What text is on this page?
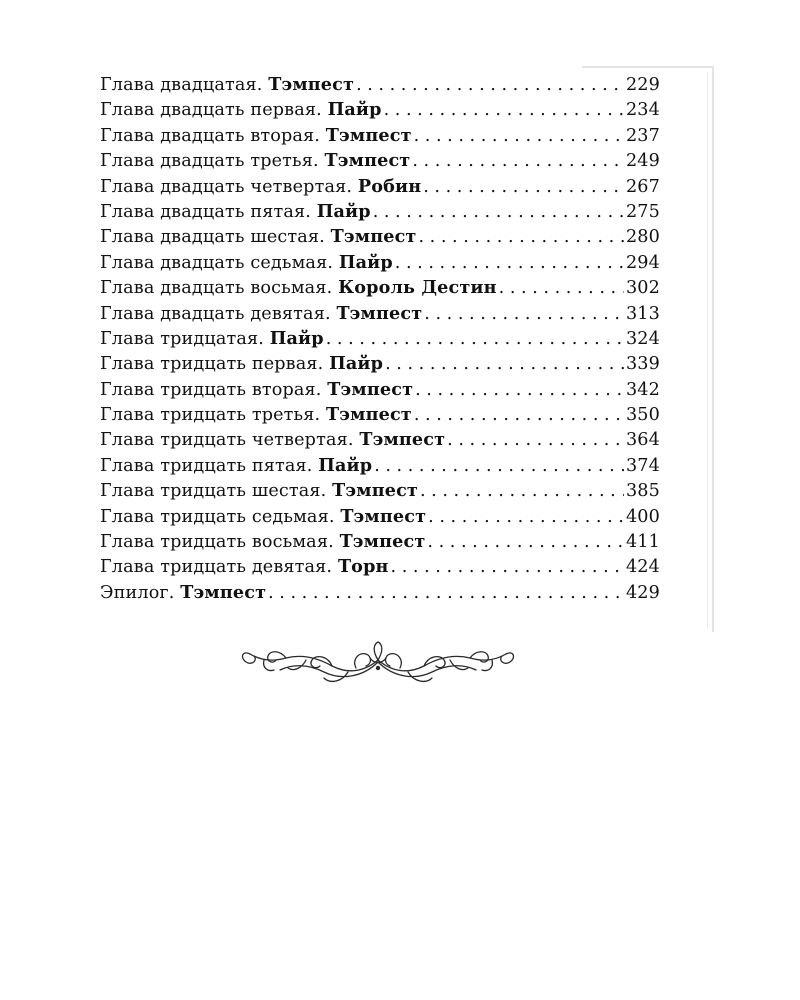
Глава двадцатая. Тэмпест . . .	229
Глава двадцать первая. Пайр . . .	234
Глава двадцать вторая. Тэмпест . . .	237
Глава двадцать третья. Тэмпест . . .	249
Глава двадцать четвертая. Робин . . .	267
Глава двадцать пятая. Пайр . . .	275
Глава двадцать шестая. Тэмпест . . .	280
Глава двадцать седьмая. Пайр . . .	294
Глава двадцать восьмая. Король Дестин . . .	302
Глава двадцать девятая. Тэмпест . . .	313
Глава тридцатая. Пайр . . .	324
Глава тридцать первая. Пайр . . .	339
Глава тридцать вторая. Тэмпест . . .	342
Глава тридцать третья. Тэмпест . . .	350
Глава тридцать четвертая. Тэмпест . . .	364
Глава тридцать пятая. Пайр . . .	374
Глава тридцать шестая. Тэмпест . . .	385
Глава тридцать седьмая. Тэмпест . . .	400
Глава тридцать восьмая. Тэмпест . . .	411
Глава тридцать девятая. Торн . . .	424
Эпилог. Тэмпест . . .	429
